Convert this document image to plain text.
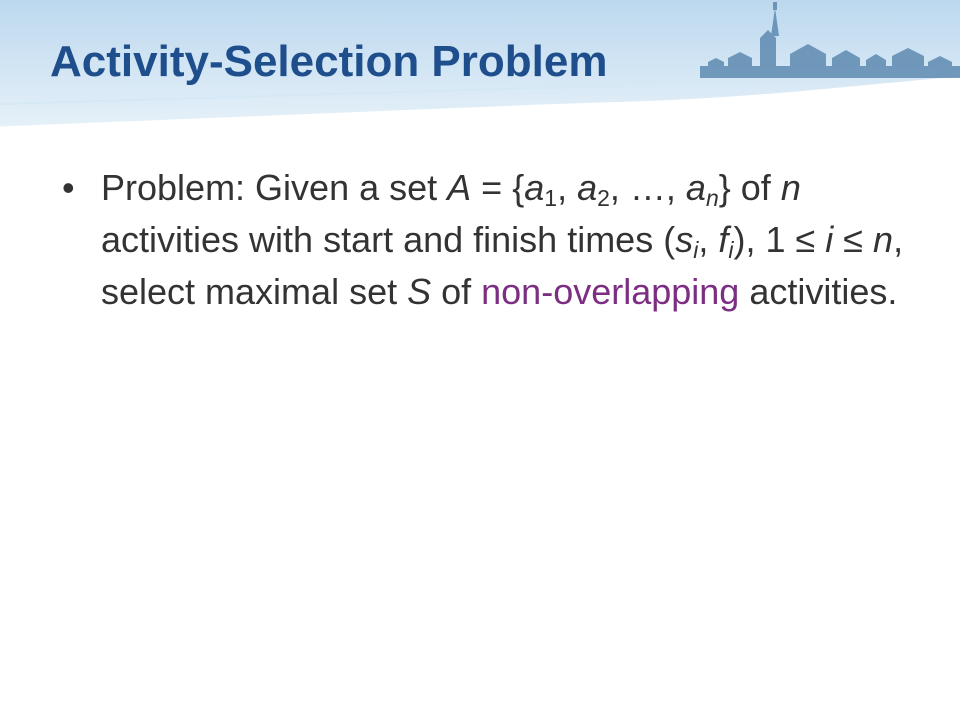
Activity-Selection Problem
• Problem: Given a set $A = \{a_1$, $a_2$, …, $a_n$} of n activities with start and finish times ($s_i$, $f_i$), 1 ≤ i ≤ n, select maximal set S of non-overlapping activities.
